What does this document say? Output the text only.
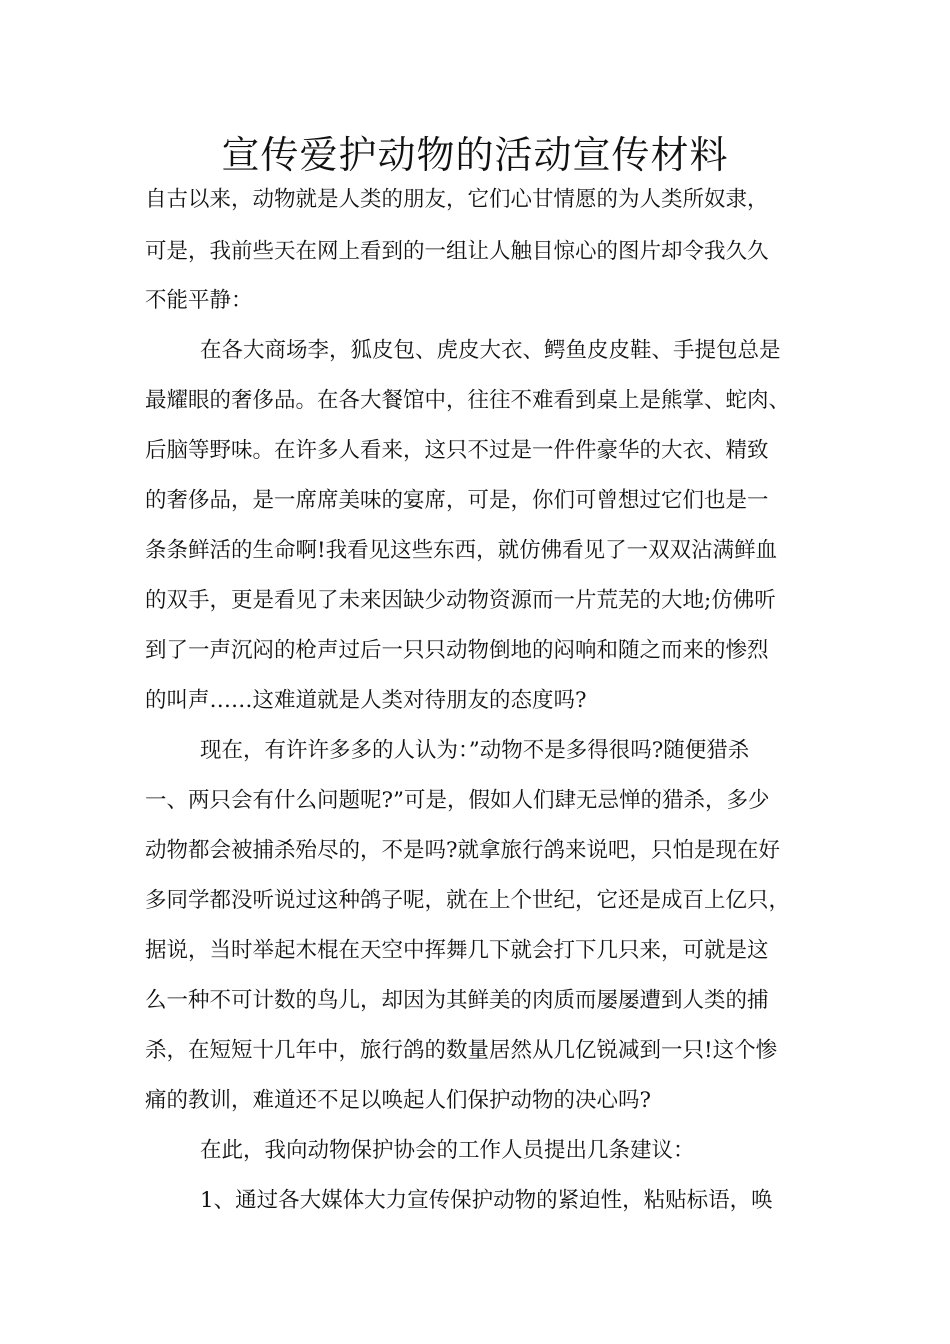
宣传爱护动物的活动宣传材料

自古以来，动物就是人类的朋友，它们心甘情愿的为人类所奴隶，

可是，我前些天在网上看到的一组让人触目惊心的图片却令我久久

不能平静：

在各大商场李，狐皮包、虎皮大衣、鳄鱼皮皮鞋、手提包总是

最耀眼的奢侈品。在各大餐馆中，往往不难看到桌上是熊掌、蛇肉、

后脑等野味。在许多人看来，这只不过是一件件豪华的大衣、精致

的奢侈品，是一席席美味的宴席，可是，你们可曾想过它们也是一

条条鲜活的生命啊!我看见这些东西，就仿佛看见了一双双沾满鲜血

的双手，更是看见了未来因缺少动物资源而一片荒芜的大地;仿佛听

到了一声沉闷的枪声过后一只只动物倒地的闷响和随之而来的惨烈

的叫声……这难道就是人类对待朋友的态度吗?

现在，有许许多多的人认为：”动物不是多得很吗?随便猎杀

一、两只会有什么问题呢?”可是，假如人们肆无忌惮的猎杀，多少

动物都会被捕杀殆尽的，不是吗?就拿旅行鸽来说吧，只怕是现在好

多同学都没听说过这种鸽子呢，就在上个世纪，它还是成百上亿只，

据说，当时举起木棍在天空中挥舞几下就会打下几只来，可就是这

么一种不可计数的鸟儿，却因为其鲜美的肉质而屡屡遭到人类的捕

杀，在短短十几年中，旅行鸽的数量居然从几亿锐减到一只!这个惨

痛的教训，难道还不足以唤起人们保护动物的决心吗?

在此，我向动物保护协会的工作人员提出几条建议：

1、通过各大媒体大力宣传保护动物的紧迫性，粘贴标语，唤
